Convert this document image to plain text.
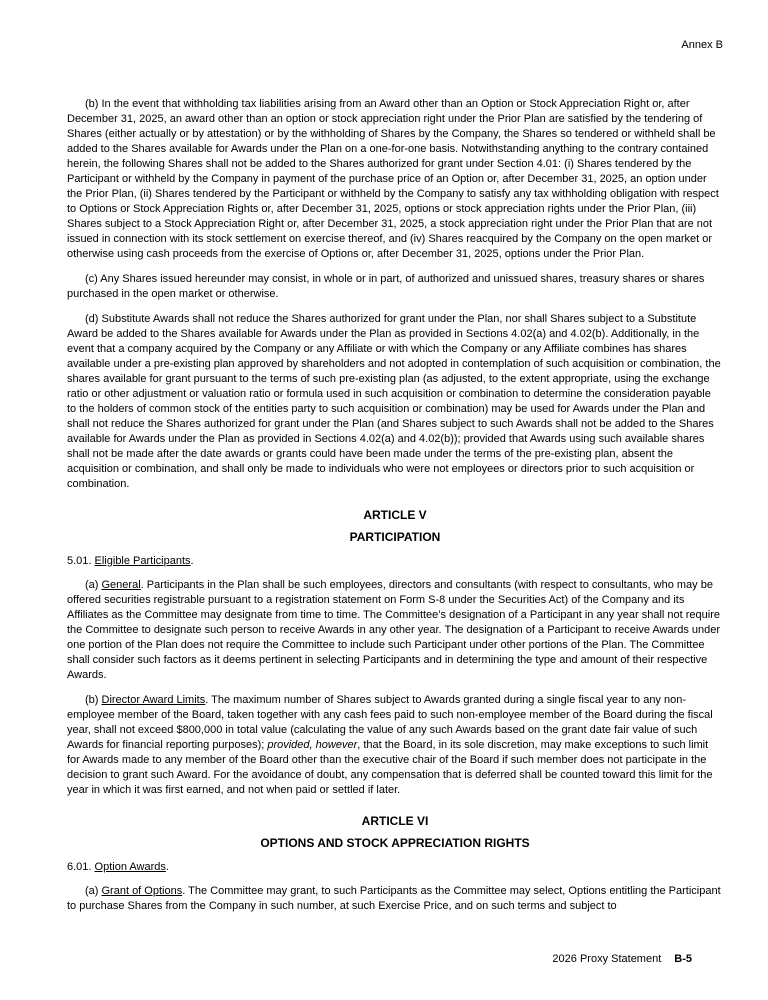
Annex B

(b) In the event that withholding tax liabilities arising from an Award other than an Option or Stock Appreciation Right or, after December 31, 2025, an award other than an option or stock appreciation right under the Prior Plan are satisfied by the tendering of Shares (either actually or by attestation) or by the withholding of Shares by the Company, the Shares so tendered or withheld shall be added to the Shares available for Awards under the Plan on a one-for-one basis. Notwithstanding anything to the contrary contained herein, the following Shares shall not be added to the Shares authorized for grant under Section 4.01: (i) Shares tendered by the Participant or withheld by the Company in payment of the purchase price of an Option or, after December 31, 2025, an option under the Prior Plan, (ii) Shares tendered by the Participant or withheld by the Company to satisfy any tax withholding obligation with respect to Options or Stock Appreciation Rights or, after December 31, 2025, options or stock appreciation rights under the Prior Plan, (iii) Shares subject to a Stock Appreciation Right or, after December 31, 2025, a stock appreciation right under the Prior Plan that are not issued in connection with its stock settlement on exercise thereof, and (iv) Shares reacquired by the Company on the open market or otherwise using cash proceeds from the exercise of Options or, after December 31, 2025, options under the Prior Plan.

(c) Any Shares issued hereunder may consist, in whole or in part, of authorized and unissued shares, treasury shares or shares purchased in the open market or otherwise.

(d) Substitute Awards shall not reduce the Shares authorized for grant under the Plan, nor shall Shares subject to a Substitute Award be added to the Shares available for Awards under the Plan as provided in Sections 4.02(a) and 4.02(b). Additionally, in the event that a company acquired by the Company or any Affiliate or with which the Company or any Affiliate combines has shares available under a pre-existing plan approved by shareholders and not adopted in contemplation of such acquisition or combination, the shares available for grant pursuant to the terms of such pre-existing plan (as adjusted, to the extent appropriate, using the exchange ratio or other adjustment or valuation ratio or formula used in such acquisition or combination to determine the consideration payable to the holders of common stock of the entities party to such acquisition or combination) may be used for Awards under the Plan and shall not reduce the Shares authorized for grant under the Plan (and Shares subject to such Awards shall not be added to the Shares available for Awards under the Plan as provided in Sections 4.02(a) and 4.02(b)); provided that Awards using such available shares shall not be made after the date awards or grants could have been made under the terms of the pre-existing plan, absent the acquisition or combination, and shall only be made to individuals who were not employees or directors prior to such acquisition or combination.

ARTICLE V
PARTICIPATION

5.01. Eligible Participants.

(a) General. Participants in the Plan shall be such employees, directors and consultants (with respect to consultants, who may be offered securities registrable pursuant to a registration statement on Form S-8 under the Securities Act) of the Company and its Affiliates as the Committee may designate from time to time. The Committee’s designation of a Participant in any year shall not require the Committee to designate such person to receive Awards in any other year. The designation of a Participant to receive Awards under one portion of the Plan does not require the Committee to include such Participant under other portions of the Plan. The Committee shall consider such factors as it deems pertinent in selecting Participants and in determining the type and amount of their respective Awards.

(b) Director Award Limits. The maximum number of Shares subject to Awards granted during a single fiscal year to any non-employee member of the Board, taken together with any cash fees paid to such non-employee member of the Board during the fiscal year, shall not exceed $800,000 in total value (calculating the value of any such Awards based on the grant date fair value of such Awards for financial reporting purposes); provided, however, that the Board, in its sole discretion, may make exceptions to such limit for Awards made to any member of the Board other than the executive chair of the Board if such member does not participate in the decision to grant such Award. For the avoidance of doubt, any compensation that is deferred shall be counted toward this limit for the year in which it was first earned, and not when paid or settled if later.

ARTICLE VI
OPTIONS AND STOCK APPRECIATION RIGHTS

6.01. Option Awards.

(a) Grant of Options. The Committee may grant, to such Participants as the Committee may select, Options entitling the Participant to purchase Shares from the Company in such number, at such Exercise Price, and on such terms and subject to

2026 Proxy Statement B-5
